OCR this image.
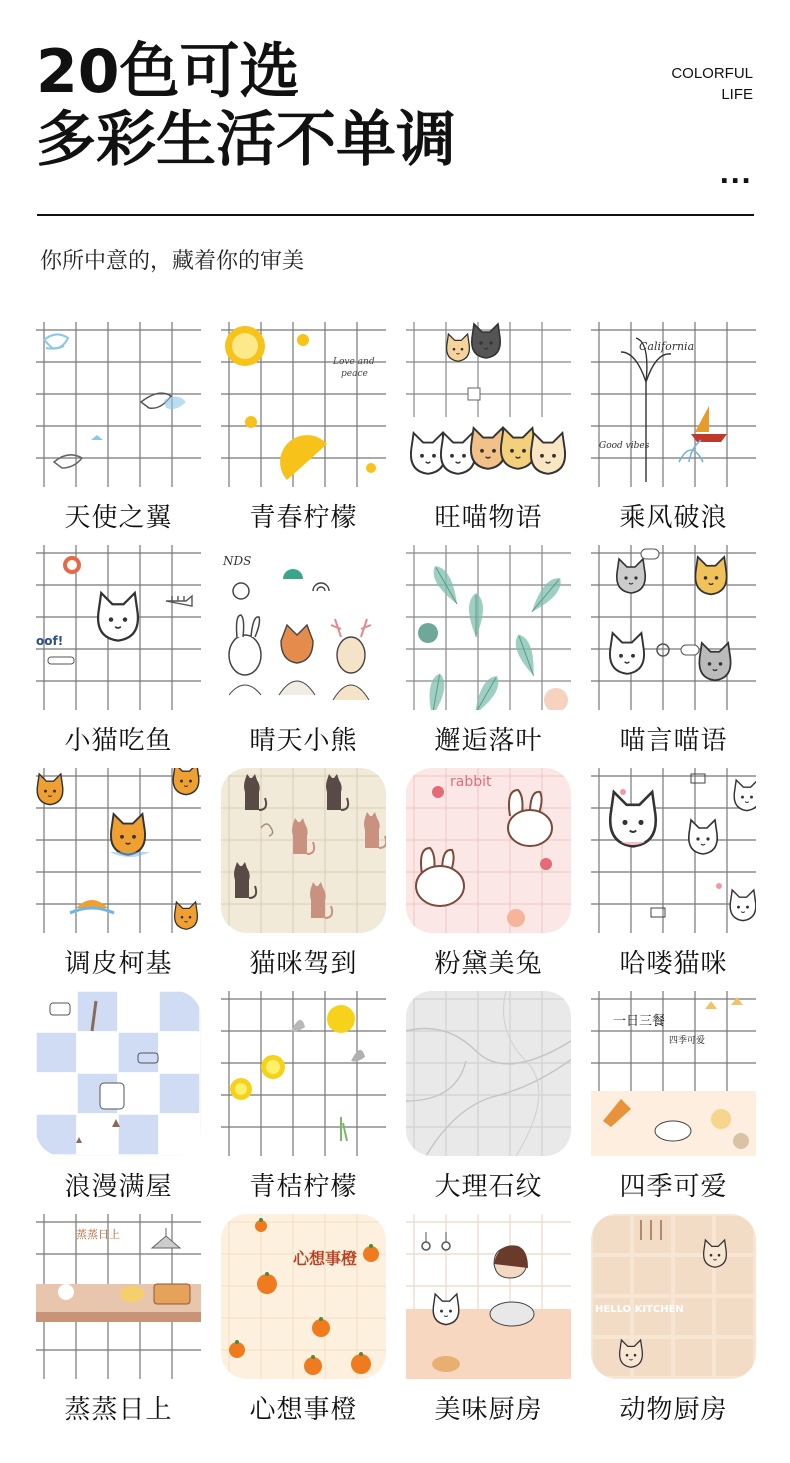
20色可选
多彩生活不单调
COLORFUL
LIFE
...
你所中意的，藏着你的审美
天使之翼
Love and
peace
青春柠檬	旺喵物语
California
Good vibes
乘风破浪
oof!
小猫吃鱼
NDS
晴天小熊	邂逅落叶	喵言喵语
调皮柯基	猫咪驾到
rabbit
粉黛美兔	哈喽猫咪
浪漫满屋	青桔柠檬	大理石纹
一日三餐
四季可爱
四季可爱
蒸蒸日上
蒸蒸日上
心想事橙
心想事橙	美味厨房
HELLO KITCHEN
动物厨房
